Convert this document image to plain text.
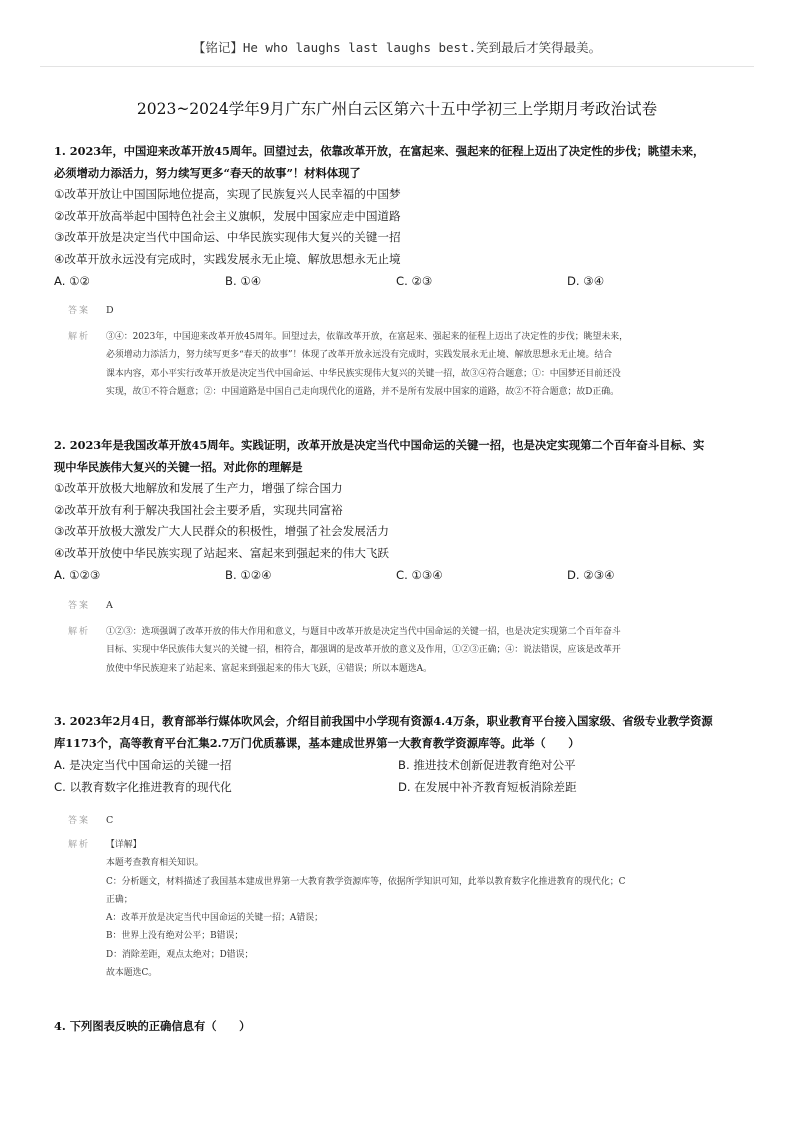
【铭记】He who laughs last laughs best.笑到最后才笑得最美。
2023~2024学年9月广东广州白云区第六十五中学初三上学期月考政治试卷
1. 2023年，中国迎来改革开放45周年。回望过去，依靠改革开放，在富起来、强起来的征程上迈出了决定性的步伐；眺望未来，
必须增动力添活力，努力续写更多“春天的故事”！材料体现了
①改革开放让中国国际地位提高，实现了民族复兴人民幸福的中国梦
②改革开放高举起中国特色社会主义旗帜，发展中国家应走中国道路
③改革开放是决定当代中国命运、中华民族实现伟大复兴的关键一招
④改革开放永远没有完成时，实践发展永无止境、解放思想永无止境
A. ①②	B. ①④	C. ②③	D. ③④
答案	D
解析	③④：2023年，中国迎来改革开放45周年。回望过去，依靠改革开放，在富起来、强起来的征程上迈出了决定性的步伐；眺望未来，
必须增动力添活力，努力续写更多“春天的故事”！体现了改革开放永远没有完成时，实践发展永无止境、解放思想永无止境。结合
课本内容，邓小平实行改革开放是决定当代中国命运、中华民族实现伟大复兴的关键一招，故③④符合题意；①：中国梦还目前还没
实现，故①不符合题意；②：中国道路是中国自己走向现代化的道路，并不是所有发展中国家的道路，故②不符合题意；故D正确。
2. 2023年是我国改革开放45周年。实践证明，改革开放是决定当代中国命运的关键一招，也是决定实现第二个百年奋斗目标、实
现中华民族伟大复兴的关键一招。对此你的理解是
①改革开放极大地解放和发展了生产力，增强了综合国力
②改革开放有利于解决我国社会主要矛盾，实现共同富裕
③改革开放极大激发广大人民群众的积极性，增强了社会发展活力
④改革开放使中华民族实现了站起来、富起来到强起来的伟大飞跃
A. ①②③	B. ①②④	C. ①③④	D. ②③④
答案	A
解析	①②③：选项强调了改革开放的伟大作用和意义，与题目中改革开放是决定当代中国命运的关键一招，也是决定实现第二个百年奋斗
目标、实现中华民族伟大复兴的关键一招，相符合，都强调的是改革开放的意义及作用，①②③正确；④：说法错误，应该是改革开
放使中华民族迎来了站起来、富起来到强起来的伟大飞跃，④错误；所以本题选A。
3. 2023年2月4日，教育部举行媒体吹风会，介绍目前我国中小学现有资源4.4万条，职业教育平台接入国家级、省级专业教学资源
库1173个，高等教育平台汇集2.7万门优质慕课，基本建成世界第一大教育教学资源库等。此举（　　）
A. 是决定当代中国命运的关键一招	B. 推进技术创新促进教育绝对公平
C. 以教育数字化推进教育的现代化	D. 在发展中补齐教育短板消除差距
答案	C
解析	【详解】
本题考查教育相关知识。
C：分析题文，材料描述了我国基本建成世界第一大教育教学资源库等，依据所学知识可知，此举以教育数字化推进教育的现代化；C
正确；
A：改革开放是决定当代中国命运的关键一招；A错误；
B：世界上没有绝对公平；B错误；
D：消除差距，观点太绝对；D错误；
故本题选C。
4. 下列图表反映的正确信息有（　　）
